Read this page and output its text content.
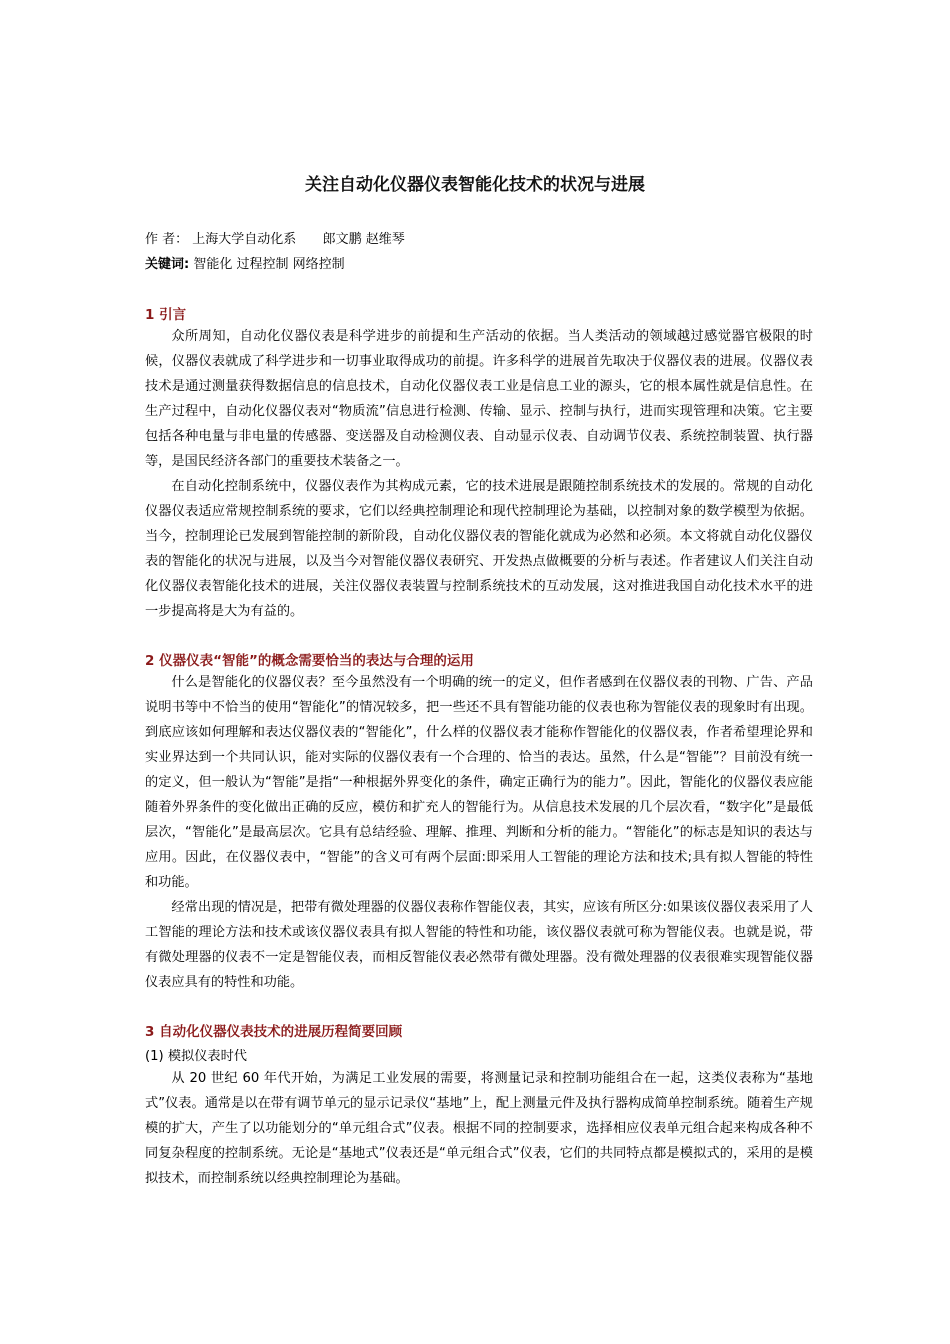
关注自动化仪器仪表智能化技术的状况与进展
作 者： 上海大学自动化系 郎文鹏 赵维琴
关键词: 智能化 过程控制 网络控制
1 引言

众所周知，自动化仪器仪表是科学进步的前提和生产活动的依据。当人类活动的领域越过感觉器官极限的时候，仪器仪表就成了科学进步和一切事业取得成功的前提。许多科学的进展首先取决于仪器仪表的进展。仪器仪表技术是通过测量获得数据信息的信息技术，自动化仪器仪表工业是信息工业的源头，它的根本属性就是信息性。在生产过程中，自动化仪器仪表对“物质流”信息进行检测、传输、显示、控制与执行，进而实现管理和决策。它主要包括各种电量与非电量的传感器、变送器及自动检测仪表、自动显示仪表、自动调节仪表、系统控制装置、执行器等，是国民经济各部门的重要技术装备之一。

在自动化控制系统中，仪器仪表作为其构成元素，它的技术进展是跟随控制系统技术的发展的。常规的自动化仪器仪表适应常规控制系统的要求，它们以经典控制理论和现代控制理论为基础，以控制对象的数学模型为依据。当今，控制理论已发展到智能控制的新阶段，自动化仪器仪表的智能化就成为必然和必须。本文将就自动化仪器仪表的智能化的状况与进展，以及当今对智能仪器仪表研究、开发热点做概要的分析与表述。作者建议人们关注自动化仪器仪表智能化技术的进展，关注仪器仪表装置与控制系统技术的互动发展，这对推进我国自动化技术水平的进一步提高将是大为有益的。

2 仪器仪表“智能”的概念需要恰当的表达与合理的运用

什么是智能化的仪器仪表？至今虽然没有一个明确的统一的定义，但作者感到在仪器仪表的刊物、广告、产品说明书等中不恰当的使用“智能化”的情况较多，把一些还不具有智能功能的仪表也称为智能仪表的现象时有出现。到底应该如何理解和表达仪器仪表的“智能化”，什么样的仪器仪表才能称作智能化的仪器仪表，作者希望理论界和实业界达到一个共同认识，能对实际的仪器仪表有一个合理的、恰当的表达。虽然，什么是“智能”？目前没有统一的定义，但一般认为“智能”是指“一种根据外界变化的条件，确定正确行为的能力”。因此，智能化的仪器仪表应能随着外界条件的变化做出正确的反应，模仿和扩充人的智能行为。从信息技术发展的几个层次看，“数字化”是最低层次，“智能化”是最高层次。它具有总结经验、理解、推理、判断和分析的能力。“智能化”的标志是知识的表达与应用。因此，在仪器仪表中，“智能”的含义可有两个层面:即采用人工智能的理论方法和技术;具有拟人智能的特性和功能。

经常出现的情况是，把带有微处理器的仪器仪表称作智能仪表，其实，应该有所区分:如果该仪器仪表采用了人工智能的理论方法和技术或该仪器仪表具有拟人智能的特性和功能，该仪器仪表就可称为智能仪表。也就是说，带有微处理器的仪表不一定是智能仪表，而相反智能仪表必然带有微处理器。没有微处理器的仪表很难实现智能仪器仪表应具有的特性和功能。

3 自动化仪器仪表技术的进展历程简要回顾
(1) 模拟仪表时代

从 20 世纪 60 年代开始，为满足工业发展的需要，将测量记录和控制功能组合在一起，这类仪表称为“基地式”仪表。通常是以在带有调节单元的显示记录仪“基地”上，配上测量元件及执行器构成简单控制系统。随着生产规模的扩大，产生了以功能划分的“单元组合式”仪表。根据不同的控制要求，选择相应仪表单元组合起来构成各种不同复杂程度的控制系统。无论是“基地式”仪表还是“单元组合式”仪表，它们的共同特点都是模拟式的，采用的是模拟技术，而控制系统以经典控制理论为基础。
